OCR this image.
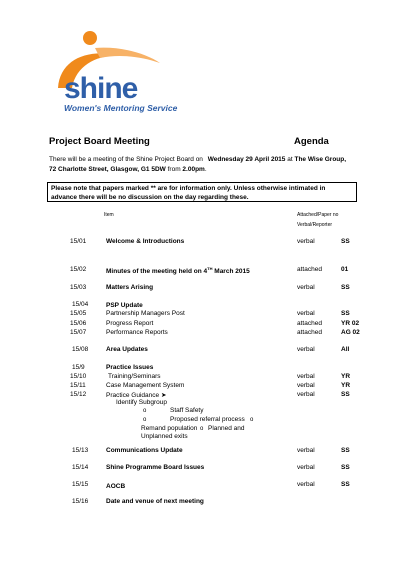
shine
Women's Mentoring Service
Project Board Meeting	Agenda
There will be a meeting of the Shine Project Board on Wednesday 29 April 2015 at The Wise Group,
72 Charlotte Street, Glasgow, G1 5DW from 2.00pm.
Please note that papers marked ** are for information only. Unless otherwise intimated in
advance there will be no discussion on the day regarding these.
Item	Attached/Paper no
Verbal/Reporter
15/01	Welcome & Introductions	verbal	SS
15/02	Minutes of the meeting held on 4TH March 2015	attached	01
15/03	Matters Arising	verbal	SS
15/04	PSP Update
15/05	Partnership Managers Post	verbal	SS
15/06	Progress Report	attached	YR 02
15/07	Performance Reports	attached	AG 02
15/08	Area Updates	verbal	All
15/9	Practice Issues
15/10	Training/Seminars	verbal	YR
15/11	Case Management System	verbal	YR
15/12	Practice Guidance ➤	verbal	SS
Identify Subgroup
o	Staff Safety
o	Proposed referral process o
Remand population o Planned and
Unplanned exits
15/13	Communications Update	verbal	SS
15/14	Shine Programme Board Issues	verbal	SS
15/15	AOCB	verbal	SS
15/16	Date and venue of next meeting
